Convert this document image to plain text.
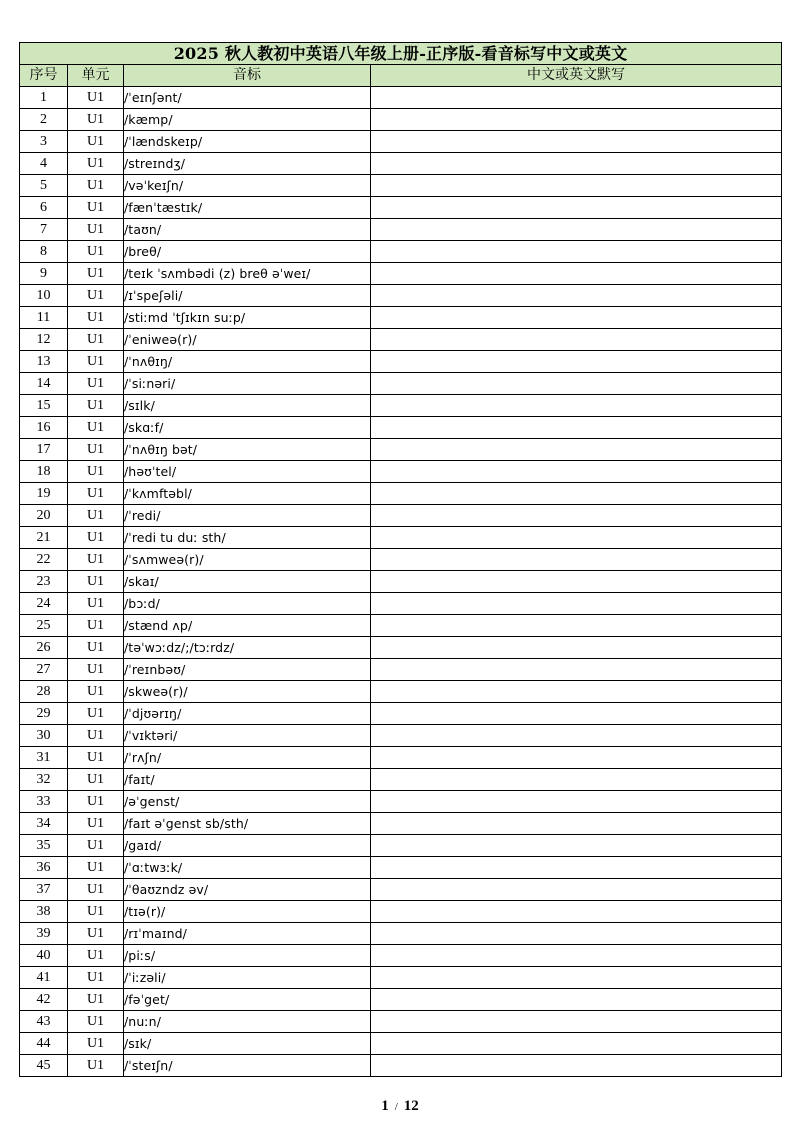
2025 秋人教初中英语八年级上册-正序版-看音标写中文或英文			
序号	单元	音标	中文或英文默写
1	U1	/ˈeɪnʃənt/	
2	U1	/kæmp/	
3	U1	/ˈlændskeɪp/	
4	U1	/streɪndʒ/	
5	U1	/vəˈkeɪʃn/	
6	U1	/fænˈtæstɪk/	
7	U1	/taʊn/	
8	U1	/breθ/	
9	U1	/teɪk ˈsʌmbədi (z) breθ əˈweɪ/	
10	U1	/ɪˈspeʃəli/	
11	U1	/stiːmd ˈtʃɪkɪn suːp/	
12	U1	/ˈeniweə(r)/	
13	U1	/ˈnʌθɪŋ/	
14	U1	/ˈsiːnəri/	
15	U1	/sɪlk/	
16	U1	/skɑːf/	
17	U1	/ˈnʌθɪŋ bət/	
18	U1	/həʊˈtel/	
19	U1	/ˈkʌmftəbl/	
20	U1	/ˈredi/	
21	U1	/ˈredi tu duː sth/	
22	U1	/ˈsʌmweə(r)/	
23	U1	/skaɪ/	
24	U1	/bɔːd/	
25	U1	/stænd ʌp/	
26	U1	/təˈwɔːdz/;/tɔːrdz/	
27	U1	/ˈreɪnbəʊ/	
28	U1	/skweə(r)/	
29	U1	/ˈdjʊərɪŋ/	
30	U1	/ˈvɪktəri/	
31	U1	/ˈrʌʃn/	
32	U1	/faɪt/	
33	U1	/əˈgenst/	
34	U1	/faɪt əˈgenst sb/sth/	
35	U1	/gaɪd/	
36	U1	/ˈɑːtwɜːk/	
37	U1	/ˈθaʊzndz əv/	
38	U1	/tɪə(r)/	
39	U1	/rɪˈmaɪnd/	
40	U1	/piːs/	
41	U1	/ˈiːzəli/	
42	U1	/fəˈget/	
43	U1	/nuːn/	
44	U1	/sɪk/	
45	U1	/ˈsteɪʃn/	
1 / 12
